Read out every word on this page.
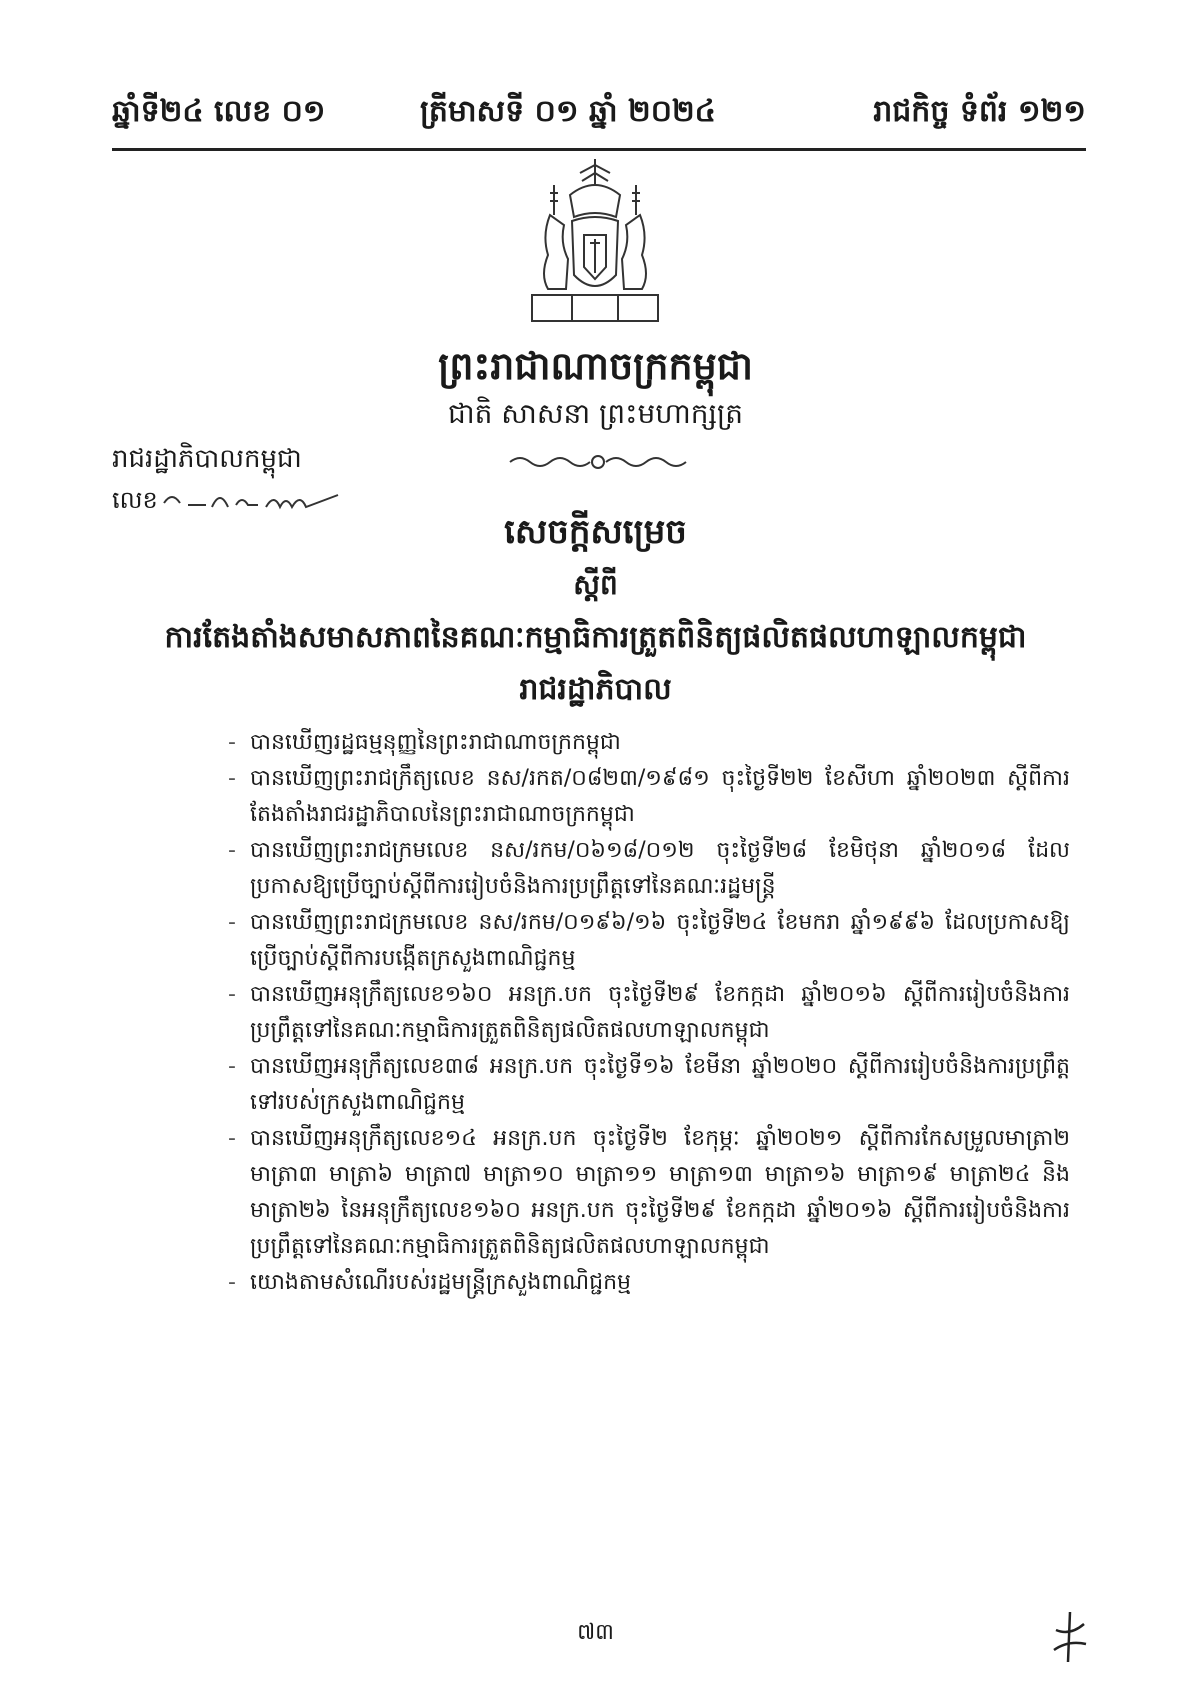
ឆ្នាំទី២៤ លេខ ០១	ត្រីមាសទី ០១ ឆ្នាំ ២០២៤	រាជកិច្ច ទំព័រ ១២១
ព្រះរាជាណាចក្រកម្ពុជា
ជាតិ សាសនា ព្រះមហាក្សត្រ
រាជរដ្ឋាភិបាលកម្ពុជា
លេខ
សេចក្ដីសម្រេច
ស្ដីពី
ការតែងតាំងសមាសភាពនៃគណៈកម្មាធិការត្រួតពិនិត្យផលិតផលហាឡាលកម្ពុជា
រាជរដ្ឋាភិបាល
- បានឃើញរដ្ឋធម្មនុញ្ញនៃព្រះរាជាណាចក្រកម្ពុជា
- បានឃើញព្រះរាជក្រឹត្យលេខ នស/រកត/០៨២៣/១៩៨១ ចុះថ្ងៃទី២២ ខែសីហា ឆ្នាំ២០២៣ ស្ដីពីការតែងតាំងរាជរដ្ឋាភិបាលនៃព្រះរាជាណាចក្រកម្ពុជា
- បានឃើញព្រះរាជក្រមលេខ នស/រកម/០៦១៨/០១២ ចុះថ្ងៃទី២៨ ខែមិថុនា ឆ្នាំ២០១៨ ដែលប្រកាសឱ្យប្រើច្បាប់ស្ដីពីការរៀបចំនិងការប្រព្រឹត្តទៅនៃគណៈរដ្ឋមន្ត្រី
- បានឃើញព្រះរាជក្រមលេខ នស/រកម/០១៩៦/១៦ ចុះថ្ងៃទី២៤ ខែមករា ឆ្នាំ១៩៩៦ ដែលប្រកាសឱ្យប្រើច្បាប់ស្ដីពីការបង្កើតក្រសួងពាណិជ្ជកម្ម
- បានឃើញអនុក្រឹត្យលេខ១៦០ អនក្រ.បក ចុះថ្ងៃទី២៩ ខែកក្កដា ឆ្នាំ២០១៦ ស្ដីពីការរៀបចំនិងការប្រព្រឹត្តទៅនៃគណៈកម្មាធិការត្រួតពិនិត្យផលិតផលហាឡាលកម្ពុជា
- បានឃើញអនុក្រឹត្យលេខ៣៨ អនក្រ.បក ចុះថ្ងៃទី១៦ ខែមីនា ឆ្នាំ២០២០ ស្ដីពីការរៀបចំនិងការប្រព្រឹត្តទៅរបស់ក្រសួងពាណិជ្ជកម្ម
- បានឃើញអនុក្រឹត្យលេខ១៤ អនក្រ.បក ចុះថ្ងៃទី២ ខែកុម្ភៈ ឆ្នាំ២០២១ ស្ដីពីការកែសម្រួលមាត្រា២ មាត្រា៣ មាត្រា៦ មាត្រា៧ មាត្រា១០ មាត្រា១១ មាត្រា១៣ មាត្រា១៦ មាត្រា១៩ មាត្រា២៤ និងមាត្រា២៦ នៃអនុក្រឹត្យលេខ១៦០ អនក្រ.បក ចុះថ្ងៃទី២៩ ខែកក្កដា ឆ្នាំ២០១៦ ស្ដីពីការរៀបចំនិងការប្រព្រឹត្តទៅនៃគណៈកម្មាធិការត្រួតពិនិត្យផលិតផលហាឡាលកម្ពុជា
- យោងតាមសំណើរបស់រដ្ឋមន្ត្រីក្រសួងពាណិជ្ជកម្ម
៧៣
